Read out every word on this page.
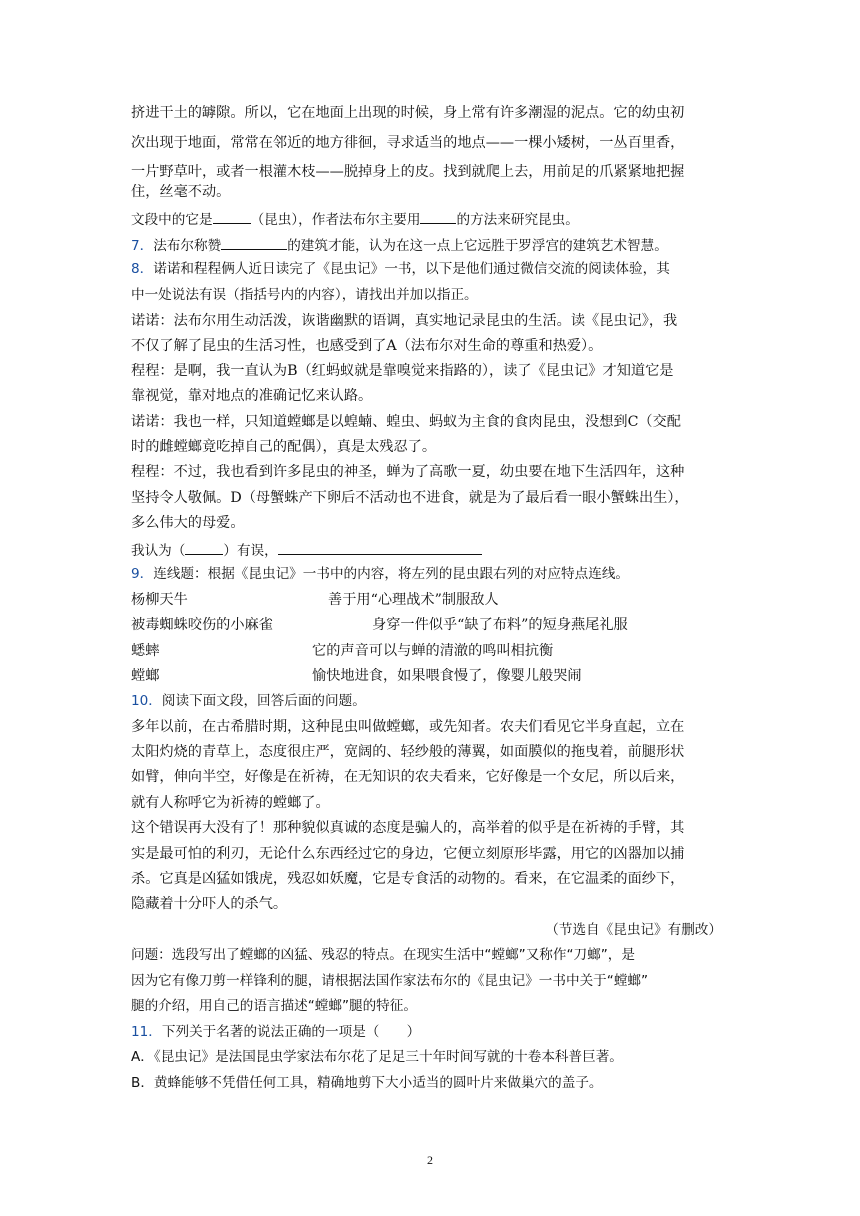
挤进干土的罅隙。所以，它在地面上出现的时候，身上常有许多潮湿的泥点。它的幼虫初
次出现于地面，常常在邻近的地方徘徊，寻求适当的地点——一棵小矮树，一丛百里香，
一片野草叶，或者一根灌木枝——脱掉身上的皮。找到就爬上去，用前足的爪紧紧地把握
住，丝毫不动。
文段中的它是	（昆虫），作者法布尔主要用	的方法来研究昆虫。
7．法布尔称赞	的建筑才能，认为在这一点上它远胜于罗浮宫的建筑艺术智慧。
8．诺诺和程程俩人近日读完了《昆虫记》一书，以下是他们通过微信交流的阅读体验，其
中一处说法有误（指括号内的内容），请找出并加以指正。
诺诺：法布尔用生动活泼，诙谐幽默的语调，真实地记录昆虫的生活。读《昆虫记》，我
不仅了解了昆虫的生活习性，也感受到了A（法布尔对生命的尊重和热爱）。
程程：是啊，我一直认为B（红蚂蚁就是靠嗅觉来指路的），读了《昆虫记》才知道它是
靠视觉，靠对地点的准确记忆来认路。
诺诺：我也一样，只知道螳螂是以蝗蝻、蝗虫、蚂蚁为主食的食肉昆虫，没想到C（交配
时的雌螳螂竟吃掉自己的配偶），真是太残忍了。
程程：不过，我也看到许多昆虫的神圣，蝉为了高歌一夏，幼虫要在地下生活四年，这种
坚持令人敬佩。D（母蟹蛛产下卵后不活动也不进食，就是为了最后看一眼小蟹蛛出生），
多么伟大的母爱。
我认为（	）有误，
9．连线题：根据《昆虫记》一书中的内容，将左列的昆虫跟右列的对应特点连线。
杨柳天牛	善于用“心理战术”制服敌人
被毒蜘蛛咬伤的小麻雀	身穿一件似乎“缺了布料”的短身燕尾礼服
蟋蟀	它的声音可以与蝉的清澈的鸣叫相抗衡
螳螂	愉快地进食，如果喂食慢了，像婴儿般哭闹
10．阅读下面文段，回答后面的问题。
多年以前，在古希腊时期，这种昆虫叫做螳螂，或先知者。农夫们看见它半身直起，立在
太阳灼烧的青草上，态度很庄严，宽阔的、轻纱般的薄翼，如面膜似的拖曳着，前腿形状
如臂，伸向半空，好像是在祈祷，在无知识的农夫看来，它好像是一个女尼，所以后来，
就有人称呼它为祈祷的螳螂了。
这个错误再大没有了！那种貌似真诚的态度是骗人的，高举着的似乎是在祈祷的手臂，其
实是最可怕的利刃，无论什么东西经过它的身边，它便立刻原形毕露，用它的凶器加以捕
杀。它真是凶猛如饿虎，残忍如妖魔，它是专食活的动物的。看来，在它温柔的面纱下，
隐藏着十分吓人的杀气。
（节选自《昆虫记》有删改）
问题：选段写出了螳螂的凶猛、残忍的特点。在现实生活中“螳螂”又称作“刀螂”，是
因为它有像刀剪一样锋利的腿，请根据法国作家法布尔的《昆虫记》一书中关于“螳螂”
腿的介绍，用自己的语言描述“螳螂”腿的特征。
11．下列关于名著的说法正确的一项是（　　）
A．《昆虫记》是法国昆虫学家法布尔花了足足三十年时间写就的十卷本科普巨著。
B．黄蜂能够不凭借任何工具，精确地剪下大小适当的圆叶片来做巢穴的盖子。
2
